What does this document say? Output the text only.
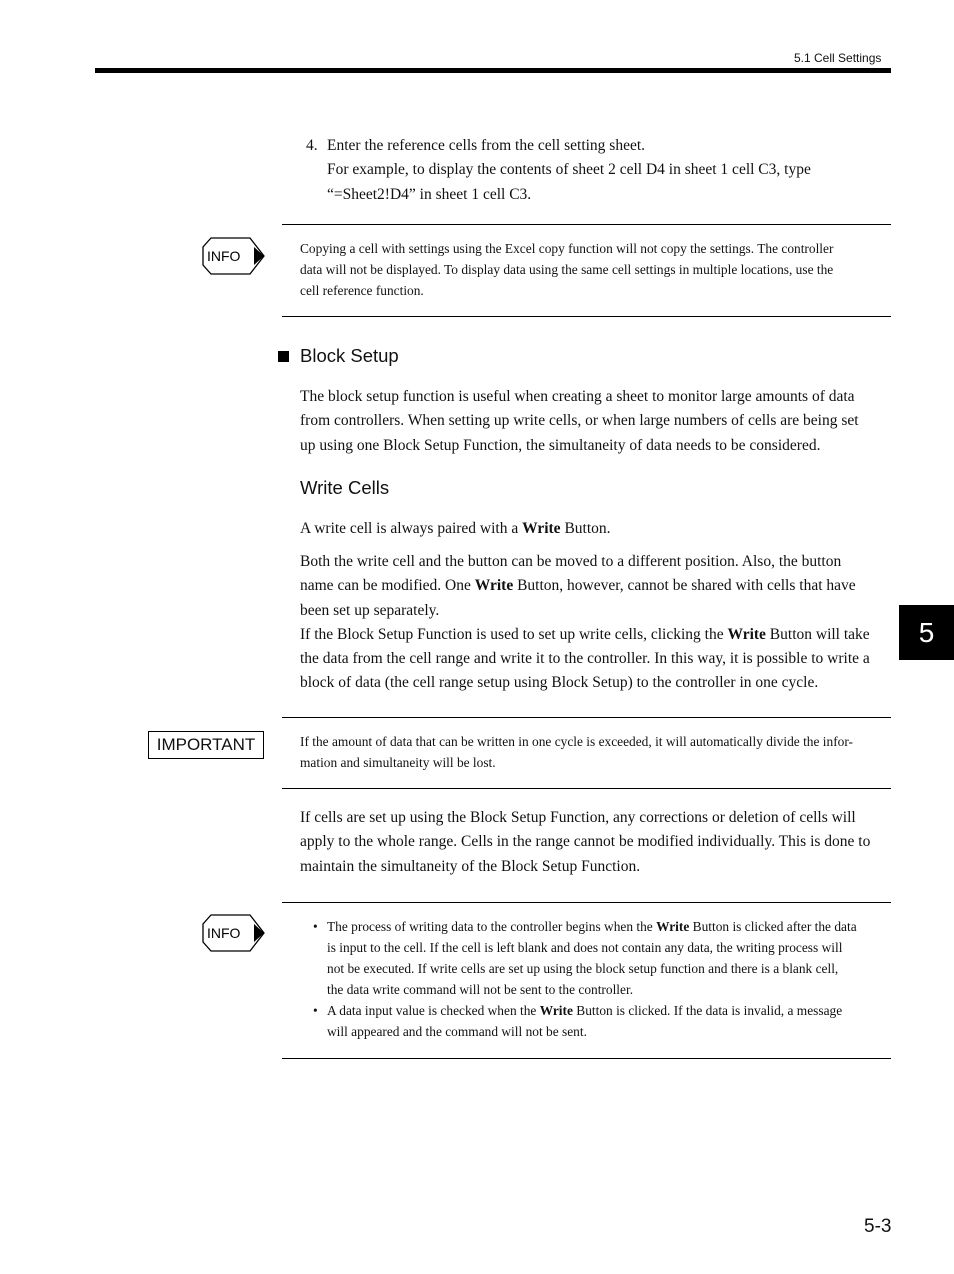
5.1 Cell Settings
4. Enter the reference cells from the cell setting sheet.

For example, to display the contents of sheet 2 cell D4 in sheet 1 cell C3, type

“=Sheet2!D4” in sheet 1 cell C3.

INFO	Copying a cell with settings using the Excel copy function will not copy the settings. The controller

data will not be displayed. To display data using the same cell settings in multiple locations, use the

cell reference function.

Block Setup

The block setup function is useful when creating a sheet to monitor large amounts of data

from controllers. When setting up write cells, or when large numbers of cells are being set

up using one Block Setup Function, the simultaneity of data needs to be considered.

Write Cells

A write cell is always paired with a Write Button.

Both the write cell and the button can be moved to a different position. Also, the button

name can be modified. One Write Button, however, cannot be shared with cells that have

been set up separately.

If the Block Setup Function is used to set up write cells, clicking the Write Button will take

the data from the cell range and write it to the controller. In this way, it is possible to write a

block of data (the cell range setup using Block Setup) to the controller in one cycle.

IMPORTANT	If the amount of data that can be written in one cycle is exceeded, it will automatically divide the infor-

mation and simultaneity will be lost.

If cells are set up using the Block Setup Function, any corrections or deletion of cells will

apply to the whole range. Cells in the range cannot be modified individually. This is done to

maintain the simultaneity of the Block Setup Function.

INFO	• The process of writing data to the controller begins when the Write Button is clicked after the data

is input to the cell. If the cell is left blank and does not contain any data, the writing process will

not be executed. If write cells are set up using the block setup function and there is a blank cell,

the data write command will not be sent to the controller.

• A data input value is checked when the Write Button is clicked. If the data is invalid, a message

will appeared and the command will not be sent.

5
5-3
